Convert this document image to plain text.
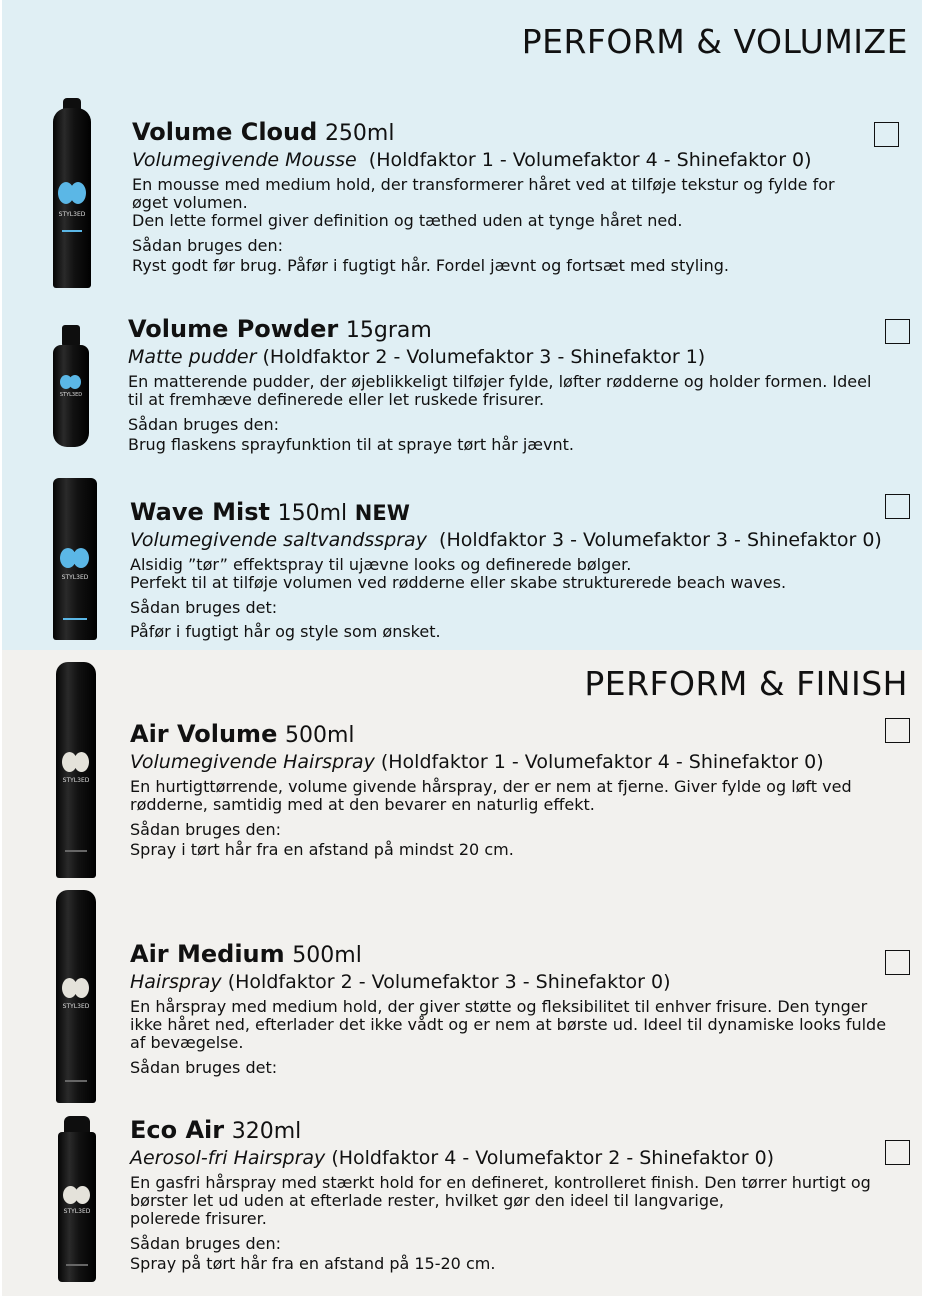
PERFORM & VOLUMIZE
STYL3ED
Volume Cloud 250ml
Volumegivende Mousse (Holdfaktor 1 - Volumefaktor 4 - Shinefaktor 0)
En mousse med medium hold, der transformerer håret ved at tilføje tekstur og fylde for
øget volumen.
Den lette formel giver definition og tæthed uden at tynge håret ned.
Sådan bruges den:
Ryst godt før brug. Påfør i fugtigt hår. Fordel jævnt og fortsæt med styling.
STYL3ED
Volume Powder 15gram
Matte pudder (Holdfaktor 2 - Volumefaktor 3 - Shinefaktor 1)
En matterende pudder, der øjeblikkeligt tilføjer fylde, løfter rødderne og holder formen. Ideel
til at fremhæve definerede eller let ruskede frisurer.
Sådan bruges den:
Brug flaskens sprayfunktion til at spraye tørt hår jævnt.
STYL3ED
Wave Mist 150ml NEW
Volumegivende saltvandsspray (Holdfaktor 3 - Volumefaktor 3 - Shinefaktor 0)
Alsidig ”tør” effektspray til ujævne looks og definerede bølger.
Perfekt til at tilføje volumen ved rødderne eller skabe strukturerede beach waves.
Sådan bruges det:
Påfør i fugtigt hår og style som ønsket.
PERFORM & FINISH
STYL3ED
Air Volume 500ml
Volumegivende Hairspray (Holdfaktor 1 - Volumefaktor 4 - Shinefaktor 0)
En hurtigttørrende, volume givende hårspray, der er nem at fjerne. Giver fylde og løft ved
rødderne, samtidig med at den bevarer en naturlig effekt.
Sådan bruges den:
Spray i tørt hår fra en afstand på mindst 20 cm.
STYL3ED
Air Medium 500ml
Hairspray (Holdfaktor 2 - Volumefaktor 3 - Shinefaktor 0)
En hårspray med medium hold, der giver støtte og fleksibilitet til enhver frisure. Den tynger
ikke håret ned, efterlader det ikke vådt og er nem at børste ud. Ideel til dynamiske looks fulde
af bevægelse.
Sådan bruges det:
STYL3ED
Eco Air 320ml
Aerosol-fri Hairspray (Holdfaktor 4 - Volumefaktor 2 - Shinefaktor 0)
En gasfri hårspray med stærkt hold for en defineret, kontrolleret finish. Den tørrer hurtigt og
børster let ud uden at efterlade rester, hvilket gør den ideel til langvarige,
polerede frisurer.
Sådan bruges den:
Spray på tørt hår fra en afstand på 15-20 cm.
